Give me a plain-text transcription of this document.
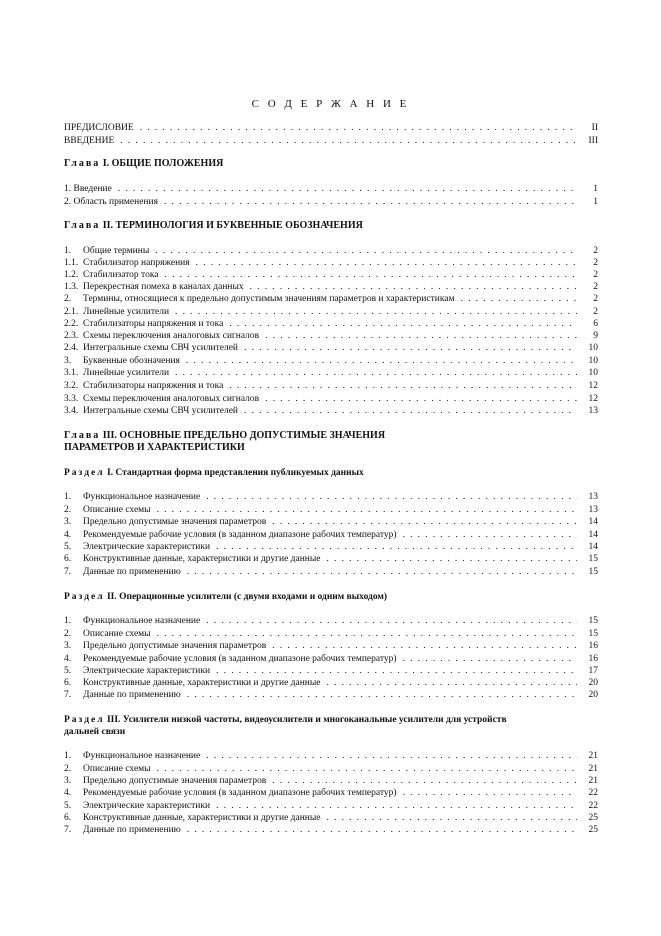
С О Д Е Р Ж А Н И Е
ПРЕДИСЛОВИЕ . . .	II
ВВЕДЕНИЕ . . .	III
Глава I. ОБЩИЕ ПОЛОЖЕНИЯ
1. Введение . . .	1
2. Область применения . . .	1
Глава II. ТЕРМИНОЛОГИЯ И БУКВЕННЫЕ ОБОЗНАЧЕНИЯ
1.	Общие термины . . .	2
1.1. Стабилизатор напряжения . . .	2
1.2. Стабилизатор тока . . .	2
1.3. Перекрестная помеха в каналах данных . . .	2
2.	Термины, относящиеся к предельно допустимым значениям параметров и характеристикам . . .	2
2.1. Линейные усилители . . .	2
2.2. Стабилизаторы напряжения и тока . . .	6
2.3. Схемы переключения аналоговых сигналов . . .	9
2.4. Интегральные схемы СВЧ усилителей . . .	10
3.	Буквенные обозначения . . .	10
3.1. Линейные усилители . . .	10
3.2. Стабилизаторы напряжения и тока . . .	12
3.3. Схемы переключения аналоговых сигналов . . .	12
3.4. Интегральные схемы СВЧ усилителей . . .	13
Глава III. ОСНОВНЫЕ ПРЕДЕЛЬНО ДОПУСТИМЫЕ ЗНАЧЕНИЯ
ПАРАМЕТРОВ И ХАРАКТЕРИСТИКИ
Раздел I. Стандартная форма представления публикуемых данных
1.	Функциональное назначение . . .	13
2.	Описание схемы . . .	13
3.	Предельно допустимые значения параметров . . .	14
4.	Рекомендуемые рабочие условия (в заданном диапазоне рабочих температур) . . .	14
5.	Электрические характеристики . . .	14
6.	Конструктивные данные, характеристики и другие данные . . .	15
7.	Данные по применению . . .	15
Раздел II. Операционные усилители (с двумя входами и одним выходом)
1.	Функциональное назначение . . .	15
2.	Описание схемы . . .	15
3.	Предельно допустимые значения параметров . . .	16
4.	Рекомендуемые рабочие условия (в заданном диапазоне рабочих температур) . . .	16
5.	Электрические характеристики . . .	17
6.	Конструктивные данные, характеристики и другие данные . . .	20
7.	Данные по применению . . .	20
Раздел III. Усилители низкой частоты, видеоусилители и многоканальные усилители для устройств
дальней связи
1.	Функциональное назначение . . .	21
2.	Описание схемы . . .	21
3.	Предельно допустимые значения параметров . . .	21
4.	Рекомендуемые рабочие условия (в заданном диапазоне рабочих температур) . . .	22
5.	Электрические характеристики . . .	22
6.	Конструктивные данные, характеристики и другие данные . . .	25
7.	Данные по применению . . .	25
